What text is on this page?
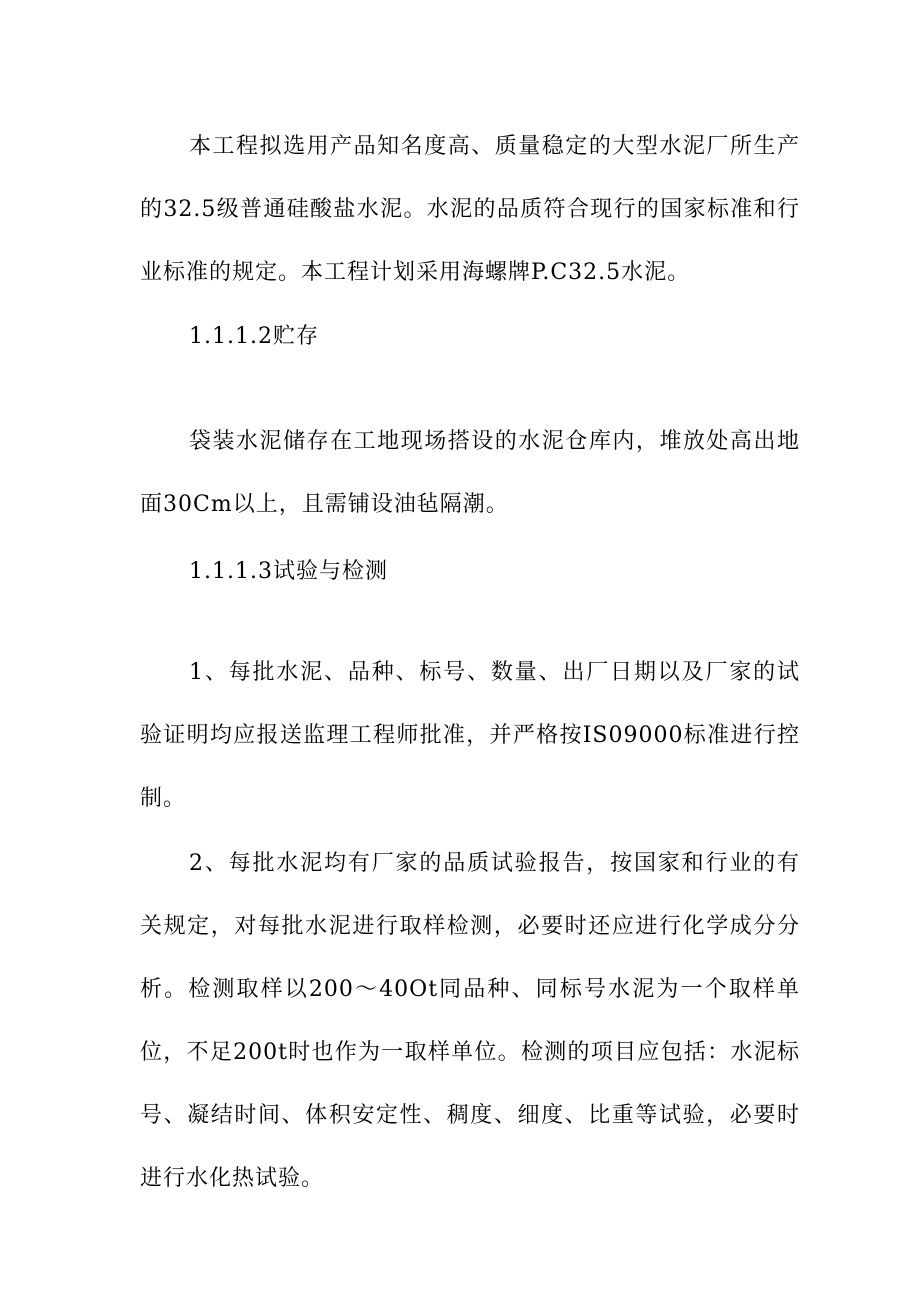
本工程拟选用产品知名度高、质量稳定的大型水泥厂所生产的32.5级普通硅酸盐水泥。水泥的品质符合现行的国家标准和行业标准的规定。本工程计划采用海螺牌P.C32.5水泥。

1.1.1.2贮存

袋装水泥储存在工地现场搭设的水泥仓库内，堆放处高出地面30Cm以上，且需铺设油毡隔潮。

1.1.1.3试验与检测

1、每批水泥、品种、标号、数量、出厂日期以及厂家的试验证明均应报送监理工程师批准，并严格按IS09000标准进行控制。

2、每批水泥均有厂家的品质试验报告，按国家和行业的有关规定，对每批水泥进行取样检测，必要时还应进行化学成分分析。检测取样以200～40Ot同品种、同标号水泥为一个取样单位，不足200t时也作为一取样单位。检测的项目应包括：水泥标号、凝结时间、体积安定性、稠度、细度、比重等试验，必要时进行水化热试验。
